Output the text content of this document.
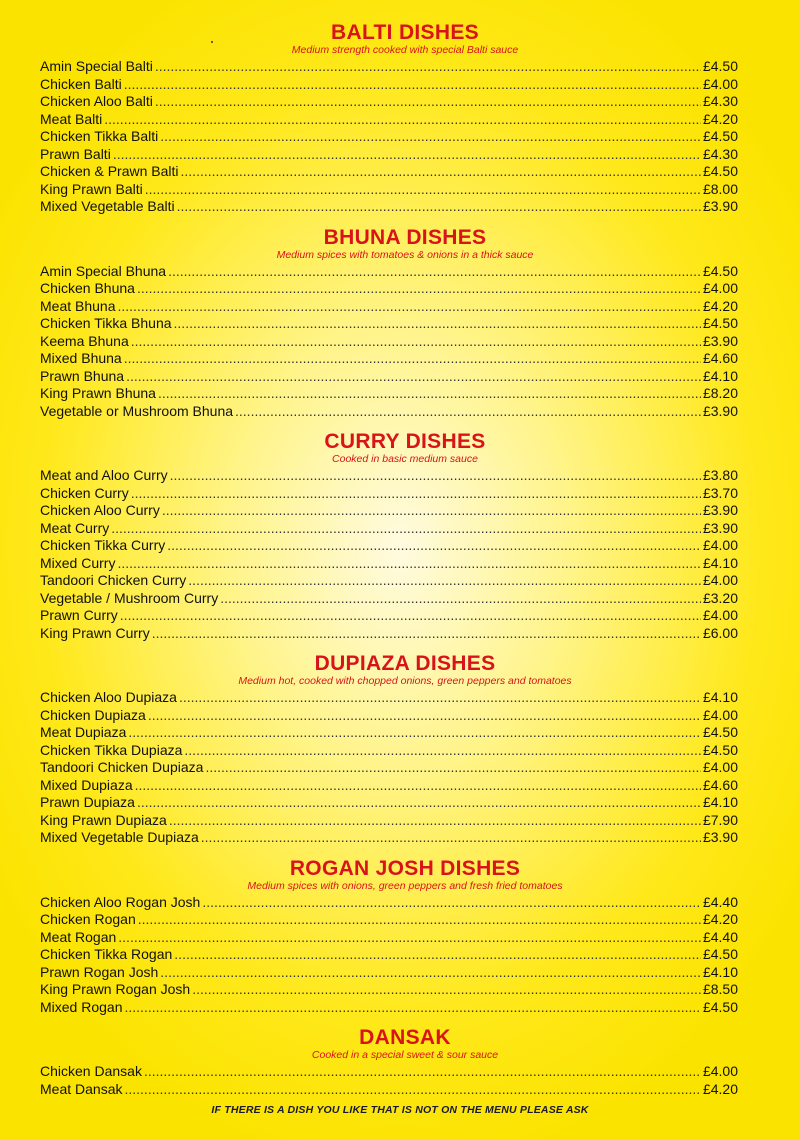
BALTI DISHES
Medium strength cooked with special Balti sauce
Amin Special Balti .....	£4.50
Chicken Balti .....	£4.00
Chicken Aloo Balti .....	£4.30
Meat Balti .....	£4.20
Chicken Tikka Balti .....	£4.50
Prawn Balti .....	£4.30
Chicken & Prawn Balti .....	£4.50
King Prawn Balti .....	£8.00
Mixed Vegetable Balti .....	£3.90
BHUNA DISHES
Medium spices with tomatoes & onions in a thick sauce
Amin Special Bhuna .....	£4.50
Chicken Bhuna .....	£4.00
Meat Bhuna .....	£4.20
Chicken Tikka Bhuna .....	£4.50
Keema Bhuna .....	£3.90
Mixed Bhuna .....	£4.60
Prawn Bhuna .....	£4.10
King Prawn Bhuna .....	£8.20
Vegetable or Mushroom Bhuna .....	£3.90
CURRY DISHES
Cooked in basic medium sauce
Meat and Aloo Curry .....	£3.80
Chicken Curry .....	£3.70
Chicken Aloo Curry .....	£3.90
Meat Curry .....	£3.90
Chicken Tikka Curry .....	£4.00
Mixed Curry .....	£4.10
Tandoori Chicken Curry .....	£4.00
Vegetable / Mushroom Curry .....	£3.20
Prawn Curry .....	£4.00
King Prawn Curry .....	£6.00
DUPIAZA DISHES
Medium hot, cooked with chopped onions, green peppers and tomatoes
Chicken Aloo Dupiaza .....	£4.10
Chicken Dupiaza .....	£4.00
Meat Dupiaza .....	£4.50
Chicken Tikka Dupiaza .....	£4.50
Tandoori Chicken Dupiaza .....	£4.00
Mixed Dupiaza .....	£4.60
Prawn Dupiaza .....	£4.10
King Prawn Dupiaza .....	£7.90
Mixed Vegetable Dupiaza .....	£3.90
ROGAN JOSH DISHES
Medium spices with onions, green peppers and fresh fried tomatoes
Chicken Aloo Rogan Josh .....	£4.40
Chicken Rogan .....	£4.20
Meat Rogan .....	£4.40
Chicken Tikka Rogan .....	£4.50
Prawn Rogan Josh .....	£4.10
King Prawn Rogan Josh .....	£8.50
Mixed Rogan .....	£4.50
DANSAK
Cooked in a special sweet & sour sauce
Chicken Dansak .....	£4.00
Meat Dansak .....	£4.20
IF THERE IS A DISH YOU LIKE THAT IS NOT ON THE MENU PLEASE ASK
